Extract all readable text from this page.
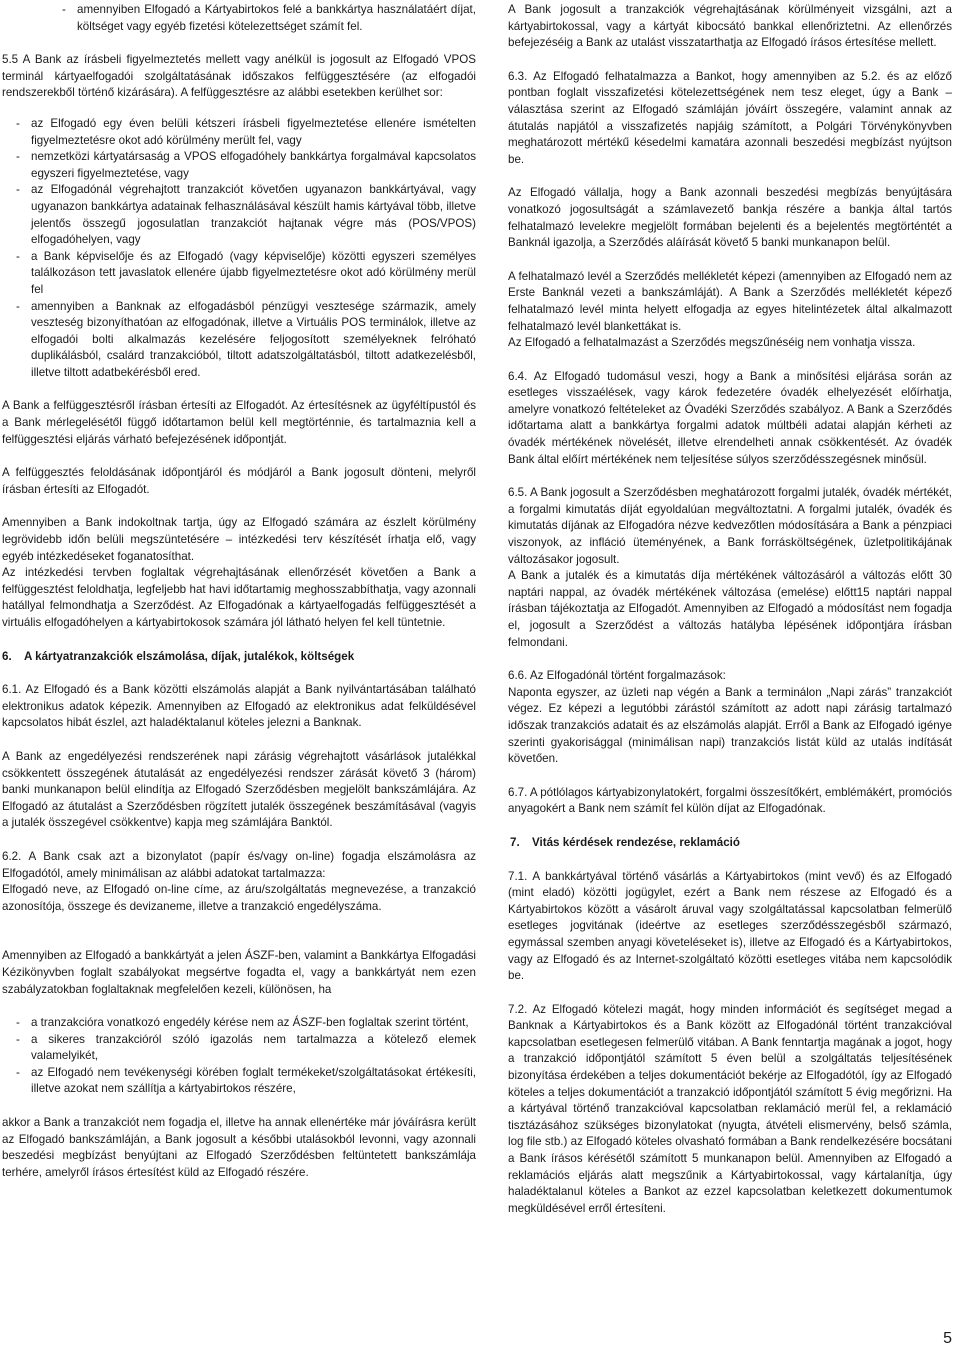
- amennyiben Elfogadó a Kártyabirtokos felé a bankkártya használatáért díjat, költséget vagy egyéb fizetési kötelezettséget számít fel.

5.5 A Bank az írásbeli figyelmeztetés mellett vagy anélkül is jogosult az Elfogadó VPOS terminál kártyaelfogadói szolgáltatásának időszakos felfüggesztésére (az elfogadói rendszerekből történő kizárására). A felfüggesztésre az alábbi esetekben kerülhet sor:

- az Elfogadó egy éven belüli kétszeri írásbeli figyelmeztetése ellenére ismételten figyelmeztetésre okot adó körülmény merült fel, vagy
- nemzetközi kártyatársaság a VPOS elfogadóhely bankkártya forgalmával kapcsolatos egyszeri figyelmeztetése, vagy
- az Elfogadónál végrehajtott tranzakciót követően ugyanazon bankkártyával, vagy ugyanazon bankkártya adatainak felhasználásával készült hamis kártyával több, illetve jelentős összegű jogosulatlan tranzakciót hajtanak végre más (POS/VPOS) elfogadóhelyen, vagy
- a Bank képviselője és az Elfogadó (vagy képviselője) közötti egyszeri személyes találkozáson tett javaslatok ellenére újabb figyelmeztetésre okot adó körülmény merül fel
- amennyiben a Banknak az elfogadásból pénzügyi vesztesége származik, amely veszteség bizonyíthatóan az elfogadónak, illetve a Virtuális POS terminálok, illetve az elfogadói bolti alkalmazás kezelésére feljogosított személyeknek felróható duplikálásból, csalárd tranzakcióból, tiltott adatszolgáltatásból, tiltott adatkezelésből, illetve tiltott adatbekérésből ered.

A Bank a felfüggesztésről írásban értesíti az Elfogadót. Az értesítésnek az ügyféltípustól és a Bank mérlegelésétől függő időtartamon belül kell megtörténnie, és tartalmaznia kell a felfüggesztési eljárás várható befejezésének időpontját.

A felfüggesztés feloldásának időpontjáról és módjáról a Bank jogosult dönteni, melyről írásban értesíti az Elfogadót.

Amennyiben a Bank indokoltnak tartja, úgy az Elfogadó számára az észlelt körülmény legrövidebb időn belüli megszüntetésére – intézkedési terv készítését írhatja elő, vagy egyéb intézkedéseket foganatosíthat.

Az intézkedési tervben foglaltak végrehajtásának ellenőrzését követően a Bank a felfüggesztést feloldhatja, legfeljebb hat havi időtartamig meghosszabbíthatja, vagy azonnali hatállyal felmondhatja a Szerződést. Az Elfogadónak a kártyaelfogadás felfüggesztését a virtuális elfogadóhelyen a kártyabirtokosok számára jól látható helyen fel kell tüntetnie.

6. A kártyatranzakciók elszámolása, díjak, jutalékok, költségek

6.1. Az Elfogadó és a Bank közötti elszámolás alapját a Bank nyilvántartásában található elektronikus adatok képezik. Amennyiben az Elfogadó az elektronikus adat felküldésével kapcsolatos hibát észlel, azt haladéktalanul köteles jelezni a Banknak.

A Bank az engedélyezési rendszerének napi zárásig végrehajtott vásárlások jutalékkal csökkentett összegének átutalását az engedélyezési rendszer zárását követő 3 (három) banki munkanapon belül elindítja az Elfogadó Szerződésben megjelölt bankszámlájára. Az Elfogadó az átutalást a Szerződésben rögzített jutalék összegének beszámításával (vagyis a jutalék összegével csökkentve) kapja meg számlájára Banktól.

6.2. A Bank csak azt a bizonylatot (papír és/vagy on-line) fogadja elszámolásra az Elfogadótól, amely minimálisan az alábbi adatokat tartalmazza:

Elfogadó neve, az Elfogadó on-line címe, az áru/szolgáltatás megnevezése, a tranzakció azonosítója, összege és devizaneme, illetve a tranzakció engedélyszáma.

Amennyiben az Elfogadó a bankkártyát a jelen ÁSZF-ben, valamint a Bankkártya Elfogadási Kézikönyvben foglalt szabályokat megsértve fogadta el, vagy a bankkártyát nem ezen szabályzatokban foglaltaknak megfelelően kezeli, különösen, ha

- a tranzakcióra vonatkozó engedély kérése nem az ÁSZF-ben foglaltak szerint történt,
- a sikeres tranzakcióról szóló igazolás nem tartalmazza a kötelező elemek valamelyikét,
- az Elfogadó nem tevékenységi körében foglalt termékeket/szolgáltatásokat értékesíti, illetve azokat nem szállítja a kártyabirtokos részére,

akkor a Bank a tranzakciót nem fogadja el, illetve ha annak ellenértéke már jóváírásra került az Elfogadó bankszámláján, a Bank jogosult a későbbi utalásokból levonni, vagy azonnali beszedési megbízást benyújtani az Elfogadó Szerződésben feltüntetett bankszámlája terhére, amelyről írásos értesítést küld az Elfogadó részére.

A Bank jogosult a tranzakciók végrehajtásának körülményeit vizsgálni, azt a kártyabirtokossal, vagy a kártyát kibocsátó bankkal ellenőriztetni. Az ellenőrzés befejezéséig a Bank az utalást visszatarthatja az Elfogadó írásos értesítése mellett.

6.3. Az Elfogadó felhatalmazza a Bankot, hogy amennyiben az 5.2. és az előző pontban foglalt visszafizetési kötelezettségének nem tesz eleget, úgy a Bank – választása szerint az Elfogadó számláján jóváírt összegére, valamint annak az átutalás napjától a visszafizetés napjáig számított, a Polgári Törvénykönyvben meghatározott mértékű késedelmi kamatára azonnali beszedési megbízást nyújtson be.

Az Elfogadó vállalja, hogy a Bank azonnali beszedési megbízás benyújtására vonatkozó jogosultságát a számlavezető bankja részére a bankja által tartós felhatalmazó levelekre megjelölt formában bejelenti és a bejelentés megtörténtét a Banknál igazolja, a Szerződés aláírását követő 5 banki munkanapon belül.

A felhatalmazó levél a Szerződés mellékletét képezi (amennyiben az Elfogadó nem az Erste Banknál vezeti a bankszámláját). A Bank a Szerződés mellékletét képező felhatalmazó levél minta helyett elfogadja az egyes hitelintézetek által alkalmazott felhatalmazó levél blankettákat is.

Az Elfogadó a felhatalmazást a Szerződés megszűnéséig nem vonhatja vissza.

6.4. Az Elfogadó tudomásul veszi, hogy a Bank a minősítési eljárása során az esetleges visszaélések, vagy károk fedezetére óvadék elhelyezését előírhatja, amelyre vonatkozó feltételeket az Óvadéki Szerződés szabályoz. A Bank a Szerződés időtartama alatt a bankkártya forgalmi adatok múltbéli adatai alapján kérheti az óvadék mértékének növelését, illetve elrendelheti annak csökkentését. Az óvadék Bank által előírt mértékének nem teljesítése súlyos szerződésszegésnek minősül.

6.5. A Bank jogosult a Szerződésben meghatározott forgalmi jutalék, óvadék mértékét, a forgalmi kimutatás díját egyoldalúan megváltoztatni. A forgalmi jutalék, óvadék és kimutatás díjának az Elfogadóra nézve kedvezőtlen módosítására a Bank a pénzpiaci viszonyok, az infláció üteményének, a Bank forrásköltségének, üzletpolitikájának változásakor jogosult.

A Bank a jutalék és a kimutatás díja mértékének változásáról a változás előtt 30 naptári nappal, az óvadék mértékének változása (emelése) előtt15 naptári nappal írásban tájékoztatja az Elfogadót. Amennyiben az Elfogadó a módosítást nem fogadja el, jogosult a Szerződést a változás hatályba lépésének időpontjára írásban felmondani.

6.6. Az Elfogadónál történt forgalmazások:

Naponta egyszer, az üzleti nap végén a Bank a terminálon „Napi zárás” tranzakciót végez. Ez képezi a legutóbbi zárástól számított az adott napi zárásig tartalmazó időszak tranzakciós adatait és az elszámolás alapját. Erről a Bank az Elfogadó igénye szerinti gyakorisággal (minimálisan napi) tranzakciós listát küld az utalás indítását követően.

6.7. A pótlólagos kártyabizonylatokért, forgalmi összesítőkért, emblémákért, promóciós anyagokért a Bank nem számít fel külön díjat az Elfogadónak.

7. Vitás kérdések rendezése, reklamáció

7.1. A bankkártyával történő vásárlás a Kártyabirtokos (mint vevő) és az Elfogadó (mint eladó) közötti jogügylet, ezért a Bank nem részese az Elfogadó és a Kártyabirtokos között a vásárolt áruval vagy szolgáltatással kapcsolatban felmerülő esetleges jogvitának (ideértve az esetleges szerződésszegésből származó, egymással szemben anyagi követeléseket is), illetve az Elfogadó és a Kártyabirtokos, vagy az Elfogadó és az Internet-szolgáltató közötti esetleges vitába nem kapcsolódik be.

7.2. Az Elfogadó kötelezi magát, hogy minden információt és segítséget megad a Banknak a Kártyabirtokos és a Bank között az Elfogadónál történt tranzakcióval kapcsolatban esetlegesen felmerülő vitában. A Bank fenntartja magának a jogot, hogy a tranzakció időpontjától számított 5 éven belül a szolgáltatás teljesítésének bizonyítása érdekében a teljes dokumentációt bekérje az Elfogadótól, így az Elfogadó köteles a teljes dokumentációt a tranzakció időpontjától számított 5 évig megőrizni. Ha a kártyával történő tranzakcióval kapcsolatban reklamáció merül fel, a reklamáció tisztázásához szükséges bizonylatokat (nyugta, átvételi elismervény, belső számla, log file stb.) az Elfogadó köteles olvasható formában a Bank rendelkezésére bocsátani a Bank írásos kérésétől számított 5 munkanapon belül. Amennyiben az Elfogadó a reklamációs eljárás alatt megszűnik a Kártyabirtokossal, vagy kártalanítja, úgy haladéktalanul köteles a Bankot az ezzel kapcsolatban keletkezett dokumentumok megküldésével erről értesíteni.

5
